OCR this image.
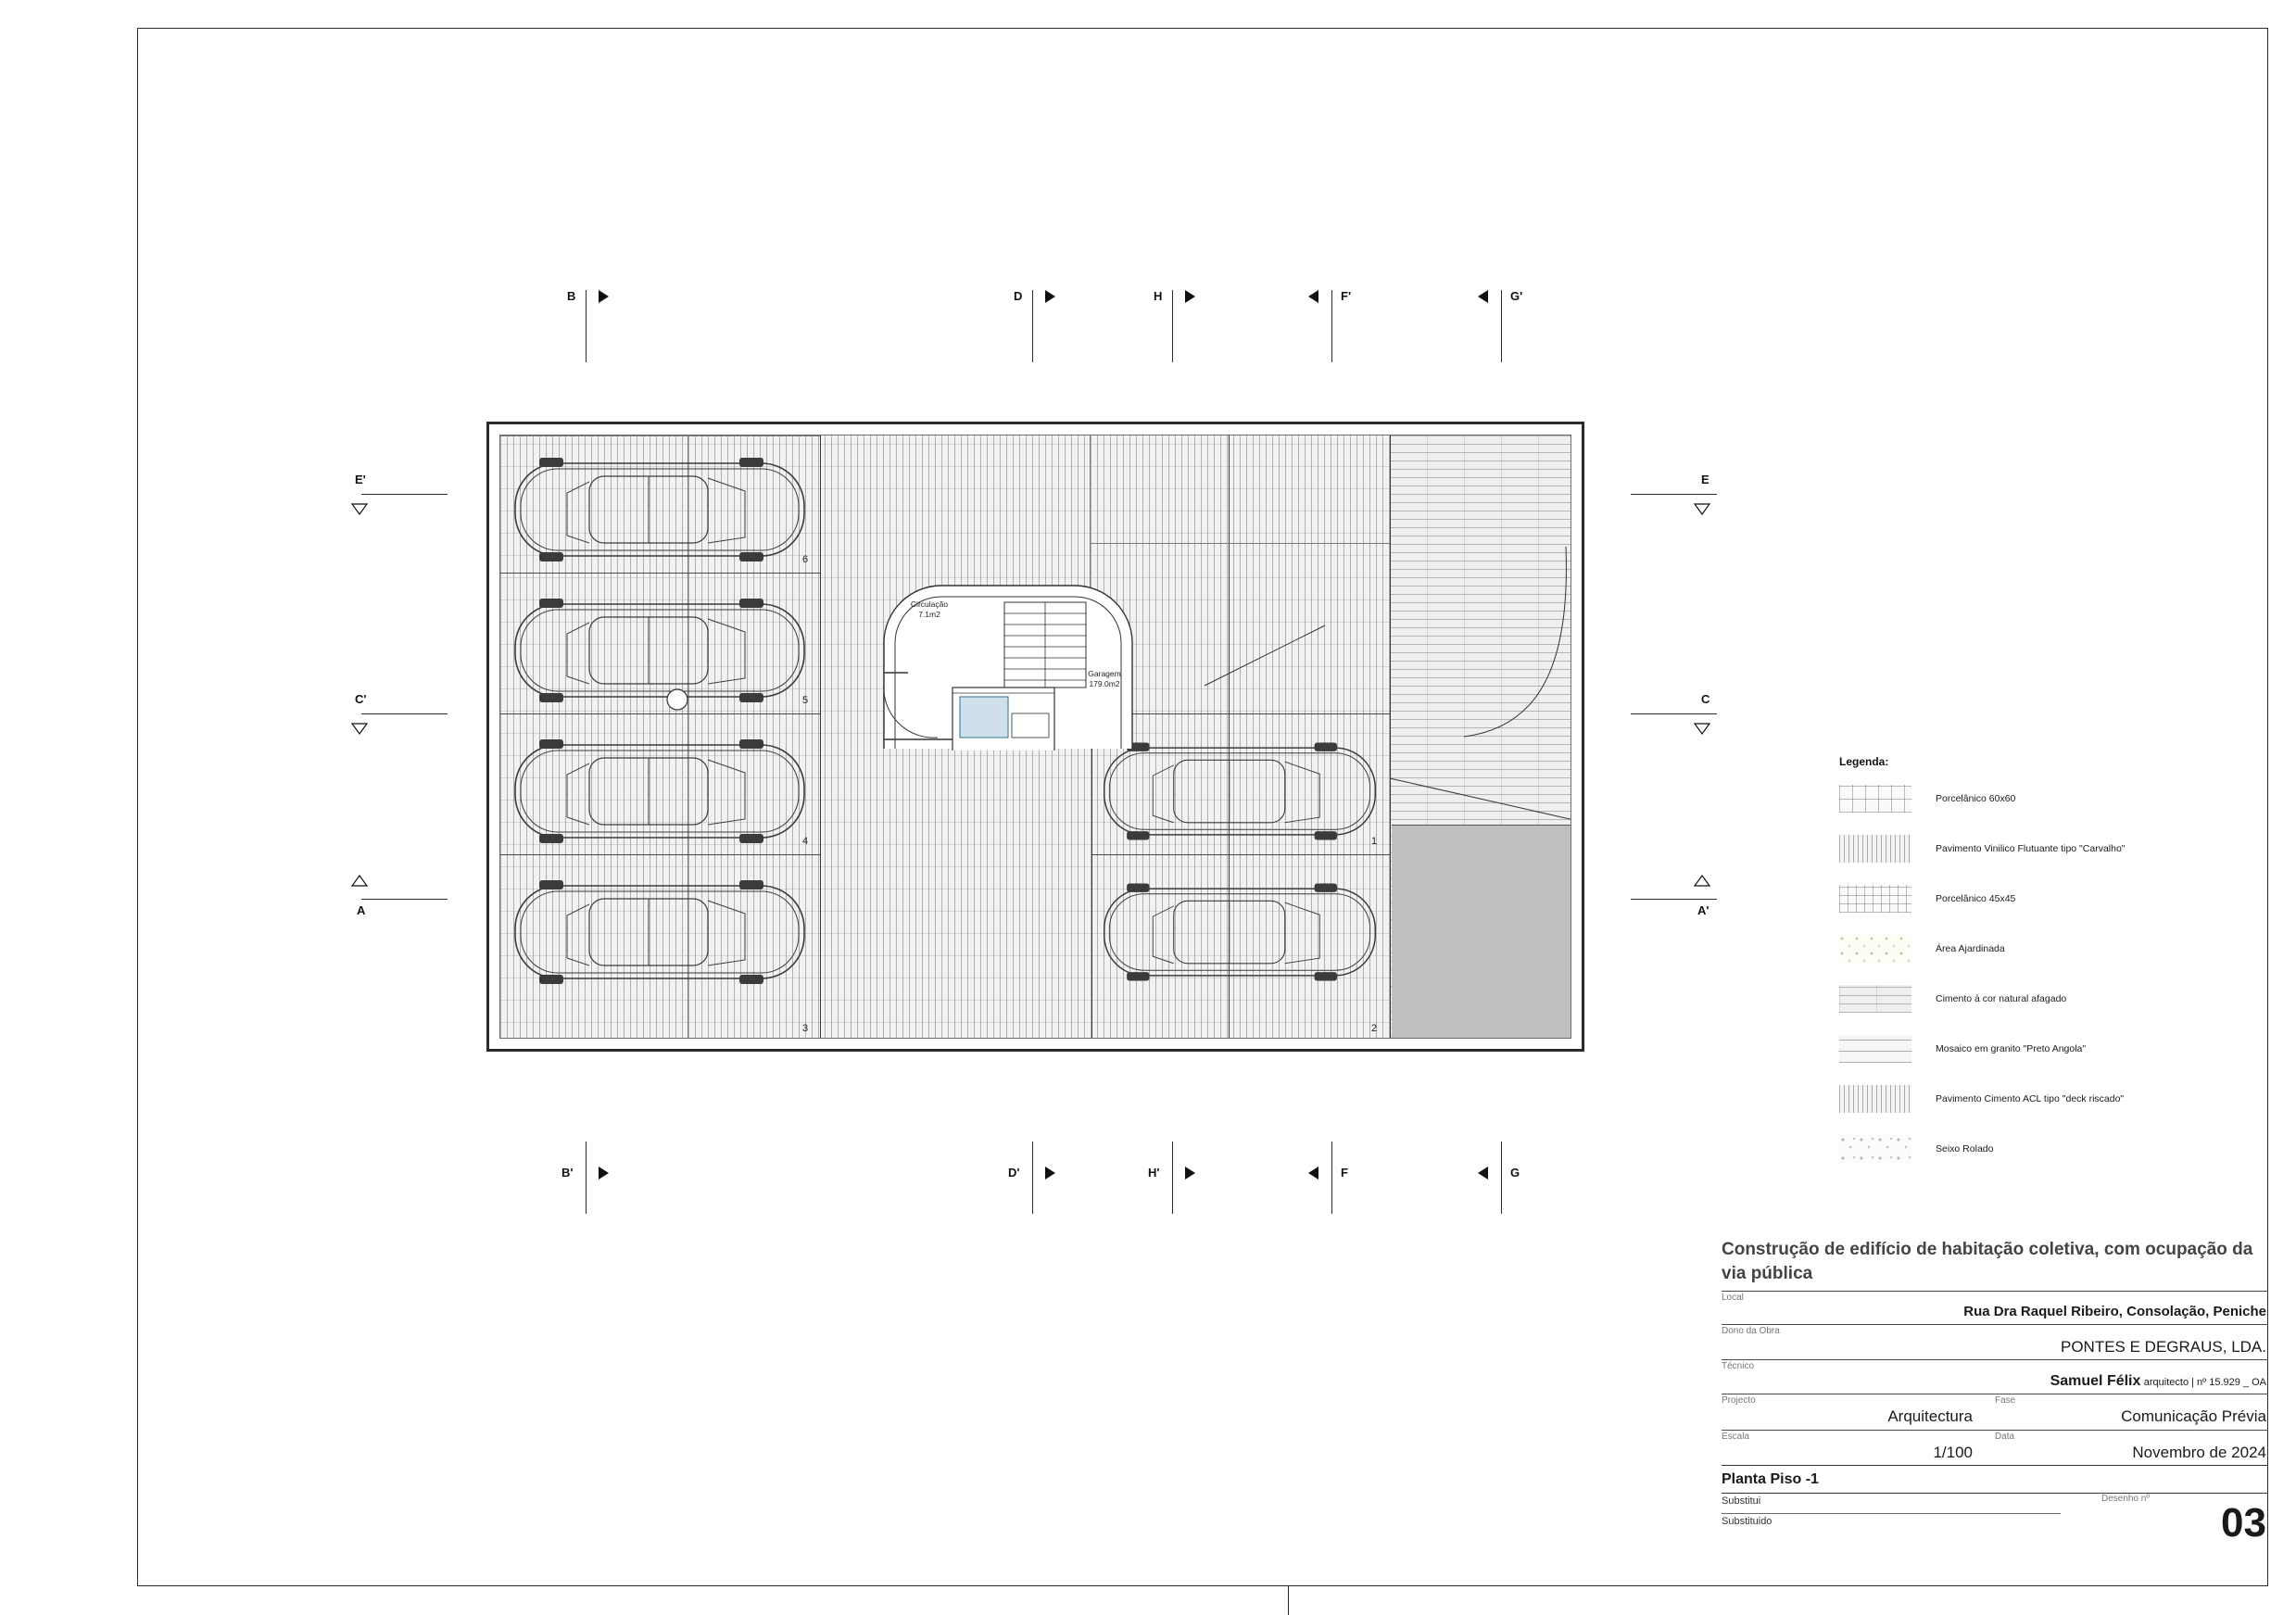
B	D	H	F'	G'
B'	D'	H'	F	G
E'
C'
A
E
C
A'
Garagem
179.0m2
Circulação
7.1m2
6
5
4
3
1
2
Legenda:
Porcelânico 60x60
Pavimento Vinilico Flutuante tipo "Carvalho"
Porcelânico 45x45
Área Ajardinada
Cimento à cor natural afagado
Mosaico em granito "Preto Angola"
Pavimento Cimento ACL tipo "deck riscado"
Seixo Rolado
Construção de edifício de habitação coletiva, com ocupação da via pública
Local
Rua Dra Raquel Ribeiro, Consolação, Peniche
Dono da Obra
PONTES E DEGRAUS, LDA.
Técnico
Samuel Félix arquitecto | nº 15.929 _ OA
Projecto
Arquitectura
Fase
Comunicação Prévia
Escala
1/100
Data
Novembro de 2024
Planta Piso -1
Substitui
Substituido
Desenho nº
03
